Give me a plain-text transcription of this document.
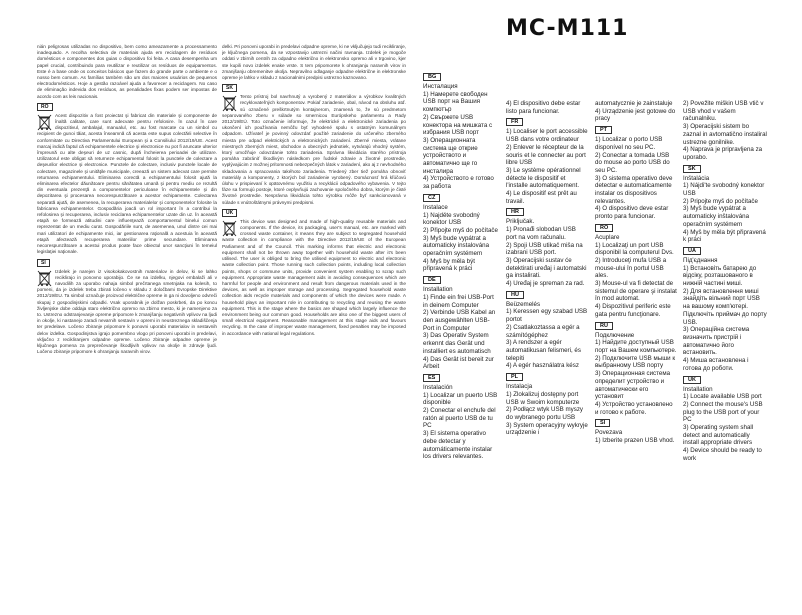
MC-M111

nián peligrosas utilizadas no dispositivo, bem como ameazamente a processamento inadequado. A recolha selectiva de materiais ajuda em reciclagem de resíduos domésticos e componentes dos guias o dispositivo foi feita. A casa desempenha um papel crucial, contribuindo para reutilizar e reutilizar os resíduos de equipamentos. Este é a base onde os conceitos básicos que fazem do grande parte o ambiente e o nosso bem comum. As famílias também são um dos maiores usuários de pequenos electrodomésticos. Hoje a gestão razoável ajuda a favorecer a reciclagem. No caso de eliminação indevida dos resíduos, as penalidades fixas podem ser impostas de acordo com as leis nacionais.

RO

Acest dispozitiv a fost proiectat şi fabricat din materiale şi componente de înaltă calitate, care sunt adecvate pentru refolosire. În cazul în care dispozitivul, ambalajul, manualul, etc. au fost marcate cu un simbol cu recipient de gunoi tăiat, acesta înseamnă că acesta este supus colectării selective în conformitate cu Directiva Parlamentului European şi a Consiliului 2012/19/UE. Acest marcaj indică faptul că echipamentele electrice şi electronice nu pot fi aruncate ulterior împreună cu alte deşeuri de uz casnic, după încheierea perioadei de utilizare. Utilizatorul este obligat să returneze echipamentul folosit la punctele de colectare a deşeurilor electrice şi electronice. Punctele de colectare, inclusiv punctele locale de colectare, magazinele şi unităţile municipale, creează un sistem adecvat care permite returnarea echipamentului. Eliminarea corectă a echipamentului folosit ajută la eliminarea efectelor dăunătoare pentru sănătatea umană şi pentru mediu ce rezultă din eventuala prezenţă a componentelor periculoase în echipamentele şi din depozitarea şi procesarea necorespunzătoare a acestor echipamente. Colectarea separată ajută, de asemenea, la recuperarea materialelor şi componentelor folosite la fabricarea echipamentelor. Gospodăria joacă un rol important în a contribui la refolosirea şi recuperarea, inclusiv reciclarea echipamentelor uzate din uz. În această etapă se formează atitudini care influenţează comportamentul binelui comun reprezentat de un mediu curat. Gospodăriile sunt, de asemenea, unul dintre cei mai mari utilizatori de echipamente mici, iar gestionarea raţională a acestuia în această etapă afectează recuperarea materiilor prime secundare. Eliminarea necorespunzătoare a acestui produs poate face obiectul unor sancţiuni în temeiul legislaţiei naţionale.

SI

Izdelek je narejen iz visokokakovostnih materialov in delov, ki se lahko reciklirajo in ponovno uporabijo. Če se na izdelku, njegovi embalaži ali v navodilih za uporabo nahaja simbol prečrtanega smetnjaka na kolesih, to pomeni, da je izdelek treba zbirati ločeno v skladu z določbami Evropske Direktive 2012/19/EU. Ta simbol označuje proizvod električne opreme in ga ni dovoljeno odvreči skupaj z gospodinjskimi odpadki. Vsak uporabnik je dolžan poskrbeti, da po koncu življenjske dobe oddaja staro električno opremo na zbirno mesto, ki je namenjeno za to. Ustrezno odstranjevanje opreme pripomore k zmanjšanju negativnih vplivov na ljudi in okolje, ki nastanejo zaradi nevarnih sestavin v opremi in neustreznega skladiščenja ter predelave. Ločeno zbiranje pripomore k ponovni uporabi materialov in sestavnih delov izdelka. Gospodinjstva igrajo pomembno vlogo pri ponovni uporabi in predelavi, vključno z recikliranjem odpadne opreme. Ločeno zbiranje odpadne opreme je ključnega pomena za preprečevanje škodljivih vplivov na okolje in zdravje ljudi. Ločeno zbiranje pripomore k ohranjanju naravnih virov.

delki. Pri ponovni uporabi in predelavi odpadne opreme, ki ne vključujejo tudi recikliranje, je ključnega pomena, da se vzpostavijo ustrezni načini ravnanja. Izdelek je mogoče oddati v zbirnih centrih za odpadno električno in elektronsko opremo ali v trgovino, kjer ste kupili novo izdelek enake vrste. S tem pripomorete k ohranjanju naravnih virov in zmanjšanju obremenitve okolja. Nepravilno odlaganje odpadne električne in elektronske opreme je lahko v skladu z nacionalnimi predpisi ustrezno kaznovano.

SK

Tento prístroj bol navrhnutý a vyrobený z materiálov a výrobkov kvalitných recyklovateľných komponentov. Pokiaľ zariadenie, obal, návod na obsluhu atď. sú označené preškrtnutým kontajnerom, znamená to, že sú predmetom separovaného zberu v súlade so smernicou Európskeho parlamentu a Rady 2012/19/EÚ. Toto označenie informuje, že elektrické a elektronické zariadenia po ukončení ich používania nemôžu byť vyhodené spolu s ostatným komunálnym odpadom. Užívateľ je povinný odovzdať použité zariadenie do určeného zberného miesta pre odpad elektrických a elektronických zariadení. Zberné miesta, vrátane miestnych zberných miest, obchodov a obecných jednotiek, vytvárajú vhodný systém, ktorý umožňuje odovzdanie tohto zariadenia. Správna likvidácia starého prístroja pomáha zabrániť škodlivým následkom pre ľudské zdravie a životné prostredie, vyplývajúcim z možnej prítomnosti nebezpečných látok v zariadení, ako aj z nevhodného skladovania a spracovania takéhoto zariadenia. Triedený zber tiež pomáha obnoviť materiály a komponenty, z ktorých bol zariadenie vyrobený. Domácnosť hrá kľúčovú úlohu v prispievaní k opätovnému využitiu a recyklácii odpadového vybavenia. V tejto fáze sa formujú postoje, ktoré ovplyvňujú zachovanie spoločného dobra, ktorým je čisté životné prostredie. Nesprávna likvidácia tohto výrobku môže byť sankcionovaná v súlade s vnútroštátnymi právnymi predpismi.

UK

This device was designed and made of high-quality reusable materials and components. If the device, its packaging, user's manual, etc. are marked with crossed waste container, it means they are subject to segregated household waste collection in compliance with the Directive 2012/19/UE of the European Parliament and of the Council. This marking informs that electric and electronic equipment shall not be thrown away together with household waste after it's been utilised. The user is obliged to bring the utilised equipment to electric and electronic waste collection point. Those running such collection points, including local collection points, shops or commune units, provide convenient system enabling to scrap such equipment. Appropriate waste management aids in avoiding consequences which are harmful for people and environment and result from dangerous materials used in the devices, as well as improper storage and processing. Segregated household waste collection aids recycle materials and components of which the devices were made. A household plays an important role in contributing to recycling and reusing the waste equipment. This is the stage where the basics are shaped which largely influence the environment being our common good. Households are also one of the biggest users of small electrical equipment. Reasonable management at this stage aids and favours recycling. In the case of improper waste management, fixed penalties may be imposed in accordance with national legal regulations.

BG
Инсталация
1) Намерете свободен USB порт на Вашия компютър
2) Свържете USB конектора на мишката с избрания USB порт
3) Операционната система ще открие устройството и автоматично ще го инсталира
4) Устройството е готово за работа
CZ
Instalace
1) Najděte svobodný konektor USB
2) Připojte myš do počítače
3) Myš bude vypátrat a automaticky instalována operačním systémem
4) Myš by měla být připravená k práci
DE
Installation
1) Finde ein frei USB-Port in deinem Computer
2) Verbinde USB Kabel an den ausgewählten USB-Port in Computer
3) Das Operativ System erkennt das Gerät und installiert es automatisch
4) Das Gerät ist bereit zur Arbeit
ES
Instalación
1) Localizar un puerto USB disponible
2) Conectar el enchufe del ratón al puerto USB de tu PC
3) El sistema operativo debe detectar y automáticamente instalar los drivers relevantes.
4) El dispositivo debe estar listo para funcionar.
FR
1) Localiser le port accessible USB dans votre ordinateur
2) Enlever le récepteur de la souris et le connecter au port libre USB
3) Le système opérationnel détecte le dispositif et l'installe automatiquement.
4) Le dispositif est prêt au travail.
HR
Priključak.
1) Pronađi slobodan USB port na vom računalu.
2) Spoji USB utikač miša na izabrani USB port.
3) Operacijski sustav će detektirati uređaj i automatski ga instalirati.
4) Uređaj je spreman za rad.
HU
Beüzemelés
1) Keressen egy szabad USB portot
2) Csatlakoztassa a egér a számítógéphez
3) A rendszer a egér automatikusan felismeri, és telepíti
4) A egér használatra kész
PL
Instalacja
1) Zlokalizuj dostępny port USB w Swoim komputerze
2) Podłącz wtyk USB myszy do wybranego portu USB
3) System operacyjny wykryje urządzenie i
automatycznie je zainstaluje
4) Urządzenie jest gotowe do pracy
PT
1) Localizar o porto USB disponível no seu PC.
2) Conectar a tomada USB do mouse ao porto USB do seu PC.
3) O sistema operativo deve detectar e automaticamente instalar os dispositivos relevantes.
4) O dispositivo deve estar pronto para funcionar.
RO
Acuplare
1) Localizaţi un port USB disponibil la computerul Dvs.
2) Introduceţi mufa USB a mouse-ului în portul USB ales.
3) Mouse-ul va fi detectat de sistemul de operare şi instalat în mod automat.
4) Dispozitivul periferic este gata pentru funcţionare.
RU
Подключение
1) Найдите доступный USB порт на Вашем компьютере.
2) Подключите USB мыши к выбранному USB порту
3) Операционная система определит устройство и автоматически его установит
4) Устройство установлено и готово к работе.
SI
Povezava
1) Izberite prazen USB vhod.
2) Povežite miškin USB vtič v USB vhod v vašem računalniku.
3) Operacijski sistem bo zaznal in avtomatično instaliral ustrezne gonilnike.
4) Naprava je pripravljena za uporabo.
SK
Inštalácia
1) Nájdi'te svobodný konektor USB
2) Pripojte myš do počítače
3) Myš bude vypátrat a automaticky inštalována operačním systémem
4) Myš by měla být připravená k práci
UA
Під'єднання
1) Встановіть батарею до відсіку, розташованого в нижній частині миші.
2) Для встановлення миші знайдіть вільний порт USB на вашому комп'ютері. Підключіть приймач до порту USB.
3) Операційна система визначить пристрій і автоматично його встановить.
4) Миша встановлена і готова до роботи.
UK
Installation
1) Locate available USB port
2) Connect the mouse's USB plug to the USB port of your PC
3) Operating system shall detect and automatically install appropriate drivers
4) Device should be ready to work
